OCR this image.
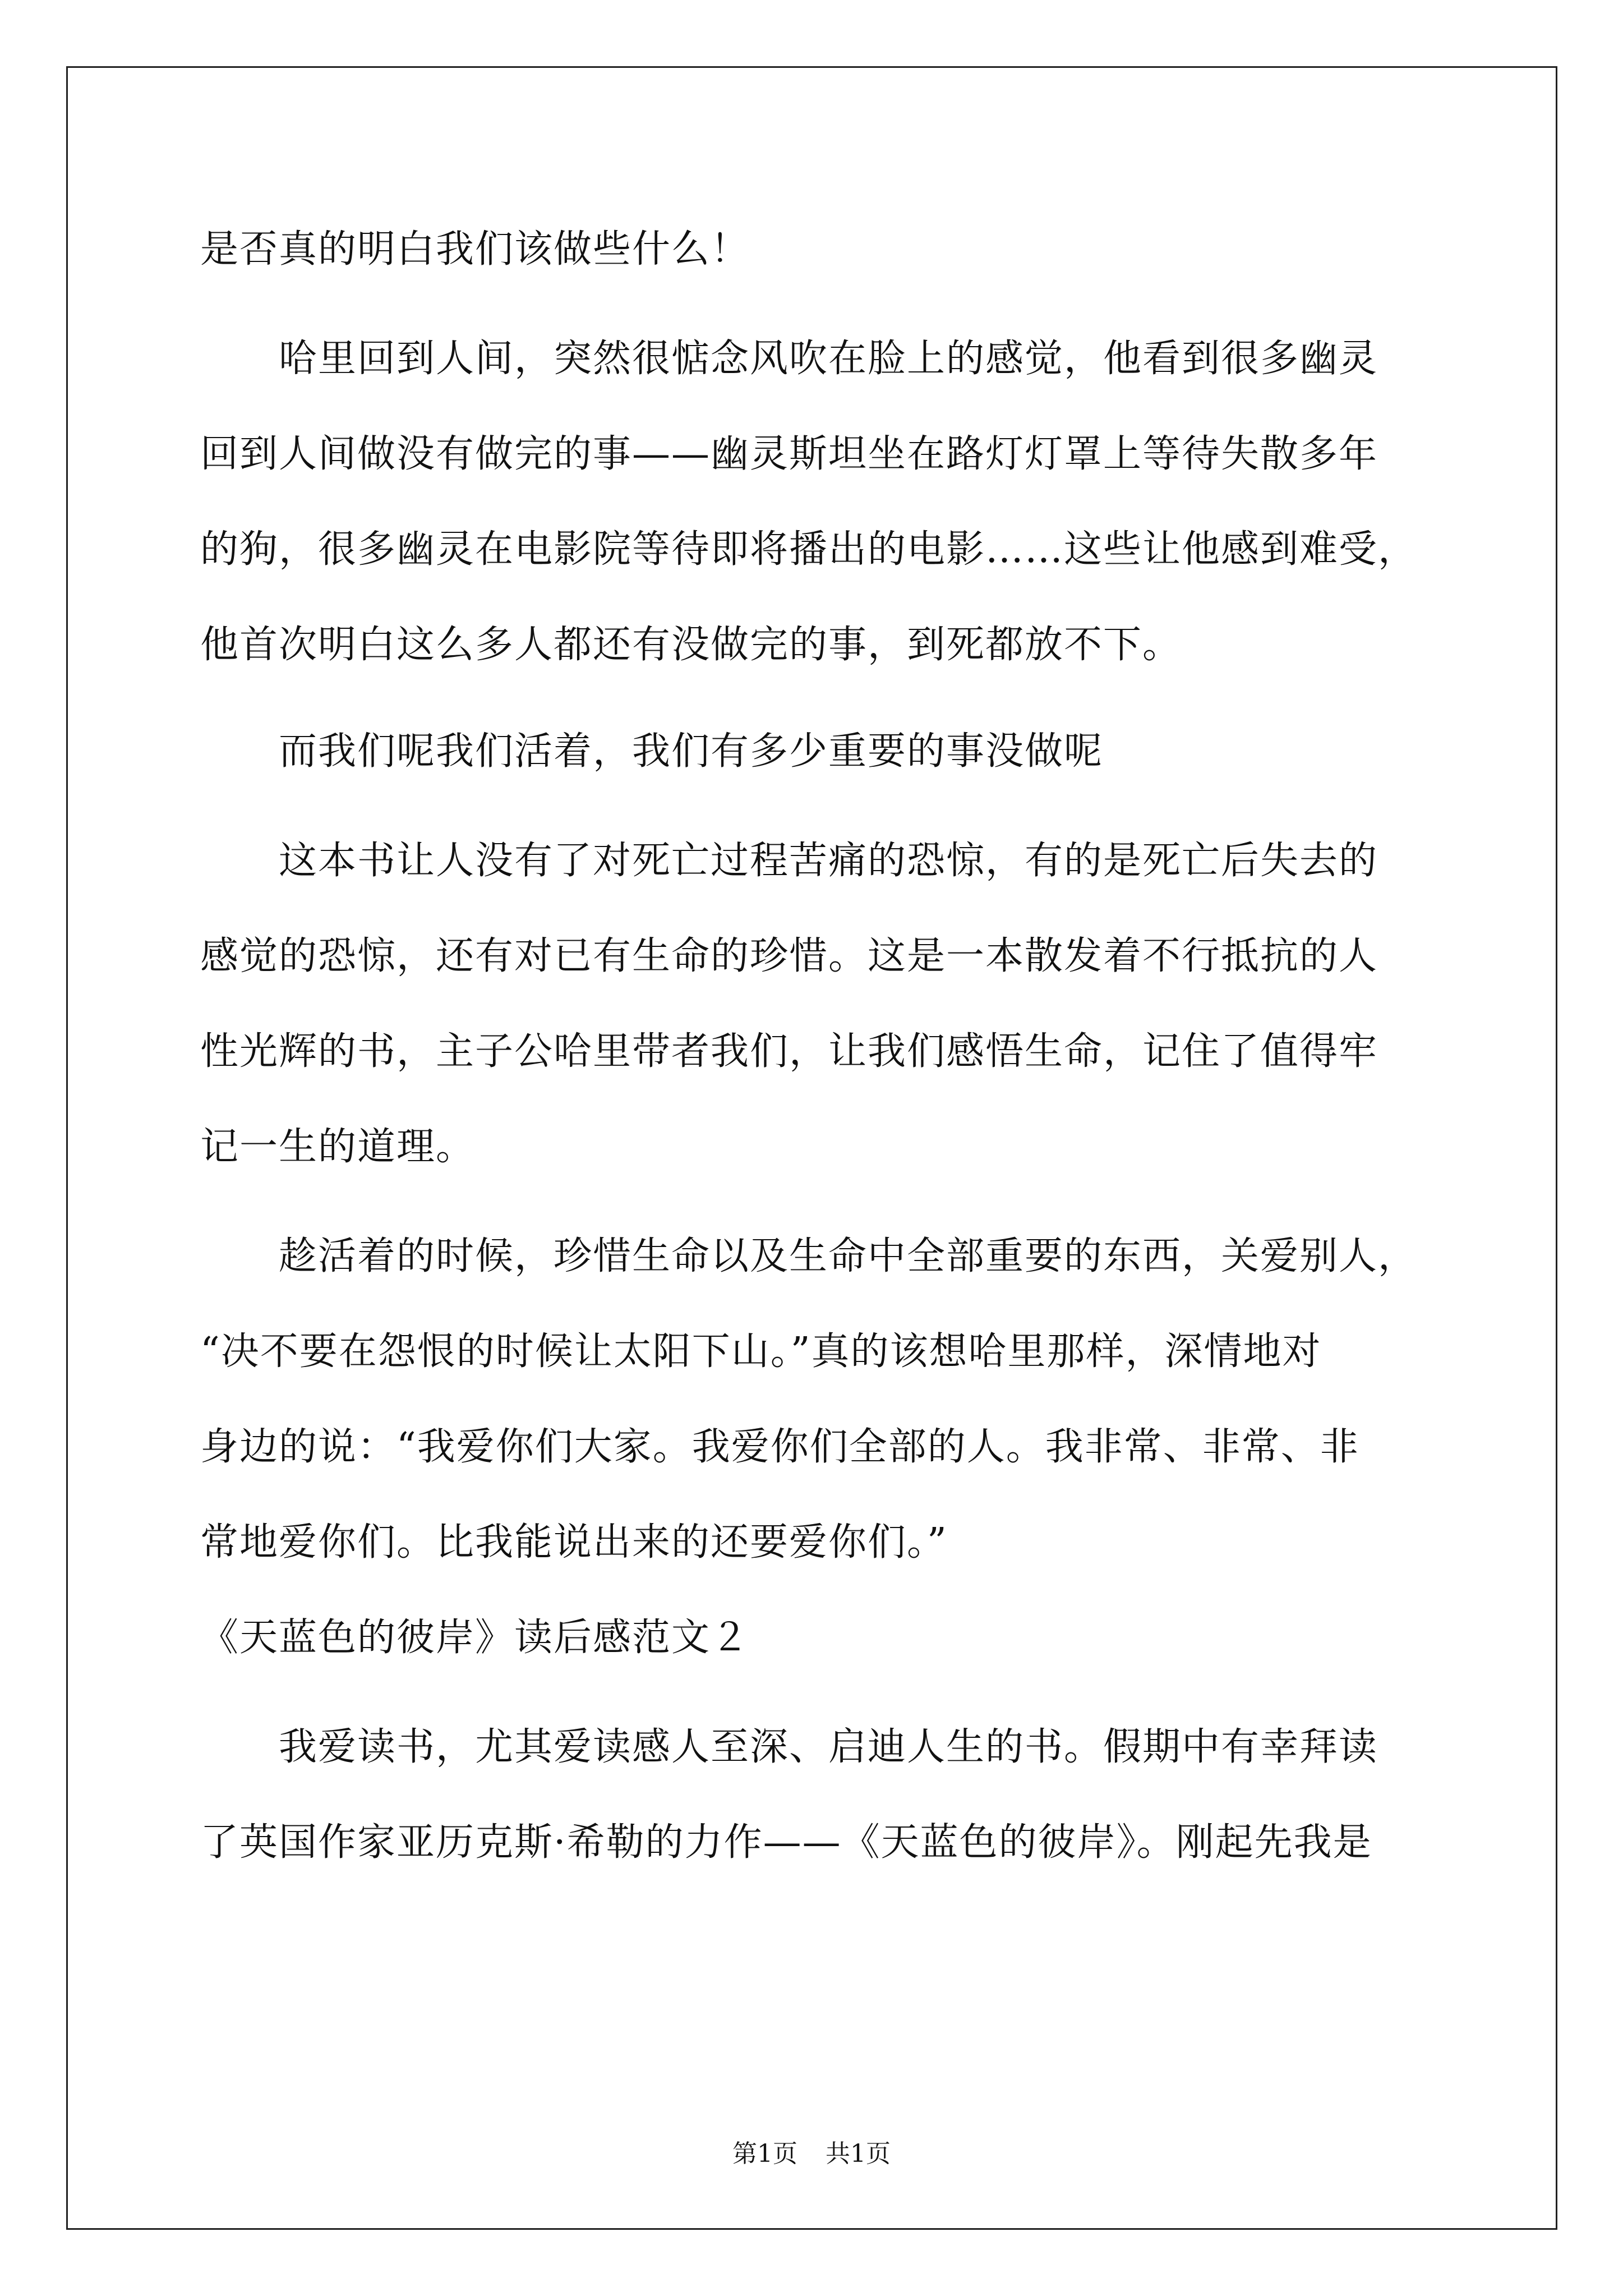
是否真的明白我们该做些什么！
　　哈里回到人间，突然很惦念风吹在脸上的感觉，他看到很多幽灵
回到人间做没有做完的事——幽灵斯坦坐在路灯灯罩上等待失散多年
的狗，很多幽灵在电影院等待即将播出的电影……这些让他感到难受，
他首次明白这么多人都还有没做完的事，到死都放不下。
　　而我们呢我们活着，我们有多少重要的事没做呢
　　这本书让人没有了对死亡过程苦痛的恐惊，有的是死亡后失去的
感觉的恐惊，还有对已有生命的珍惜。这是一本散发着不行抵抗的人
性光辉的书，主子公哈里带者我们，让我们感悟生命，记住了值得牢
记一生的道理。
　　趁活着的时候，珍惜生命以及生命中全部重要的东西，关爱别人，
“决不要在怨恨的时候让太阳下山。”真的该想哈里那样，深情地对
身边的说：“我爱你们大家。我爱你们全部的人。我非常、非常、非
常地爱你们。比我能说出来的还要爱你们。”
《天蓝色的彼岸》读后感范文２
　　我爱读书，尤其爱读感人至深、启迪人生的书。假期中有幸拜读
了英国作家亚历克斯·希勒的力作——《天蓝色的彼岸》。刚起先我是
第1页 共1页
